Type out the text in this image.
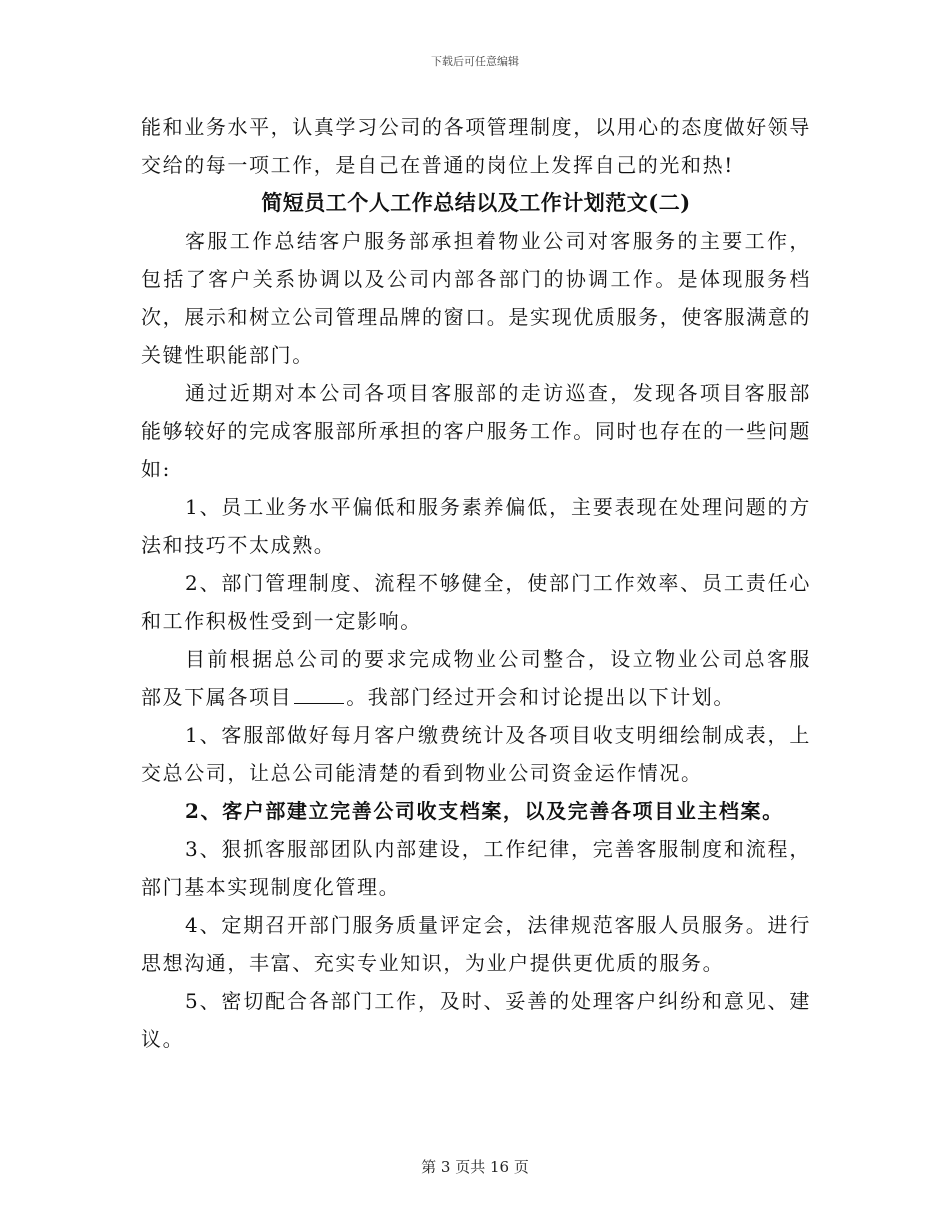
下载后可任意编辑

能和业务水平，认真学习公司的各项管理制度，以用心的态度做好领导交给的每一项工作，是自己在普通的岗位上发挥自己的光和热!

简短员工个人工作总结以及工作计划范文(二)

客服工作总结客户服务部承担着物业公司对客服务的主要工作，包括了客户关系协调以及公司内部各部门的协调工作。是体现服务档次，展示和树立公司管理品牌的窗口。是实现优质服务，使客服满意的关键性职能部门。

通过近期对本公司各项目客服部的走访巡查，发现各项目客服部能够较好的完成客服部所承担的客户服务工作。同时也存在的一些问题如:

1、员工业务水平偏低和服务素养偏低，主要表现在处理问题的方法和技巧不太成熟。

2、部门管理制度、流程不够健全，使部门工作效率、员工责任心和工作积极性受到一定影响。

目前根据总公司的要求完成物业公司整合，设立物业公司总客服部及下属各项目	。我部门经过开会和讨论提出以下计划。

1、客服部做好每月客户缴费统计及各项目收支明细绘制成表，上交总公司，让总公司能清楚的看到物业公司资金运作情况。

2、客户部建立完善公司收支档案，以及完善各项目业主档案。

3、狠抓客服部团队内部建设，工作纪律，完善客服制度和流程，部门基本实现制度化管理。

4、定期召开部门服务质量评定会，法律规范客服人员服务。进行思想沟通，丰富、充实专业知识，为业户提供更优质的服务。

5、密切配合各部门工作，及时、妥善的处理客户纠纷和意见、建议。

第 3 页共 16 页
